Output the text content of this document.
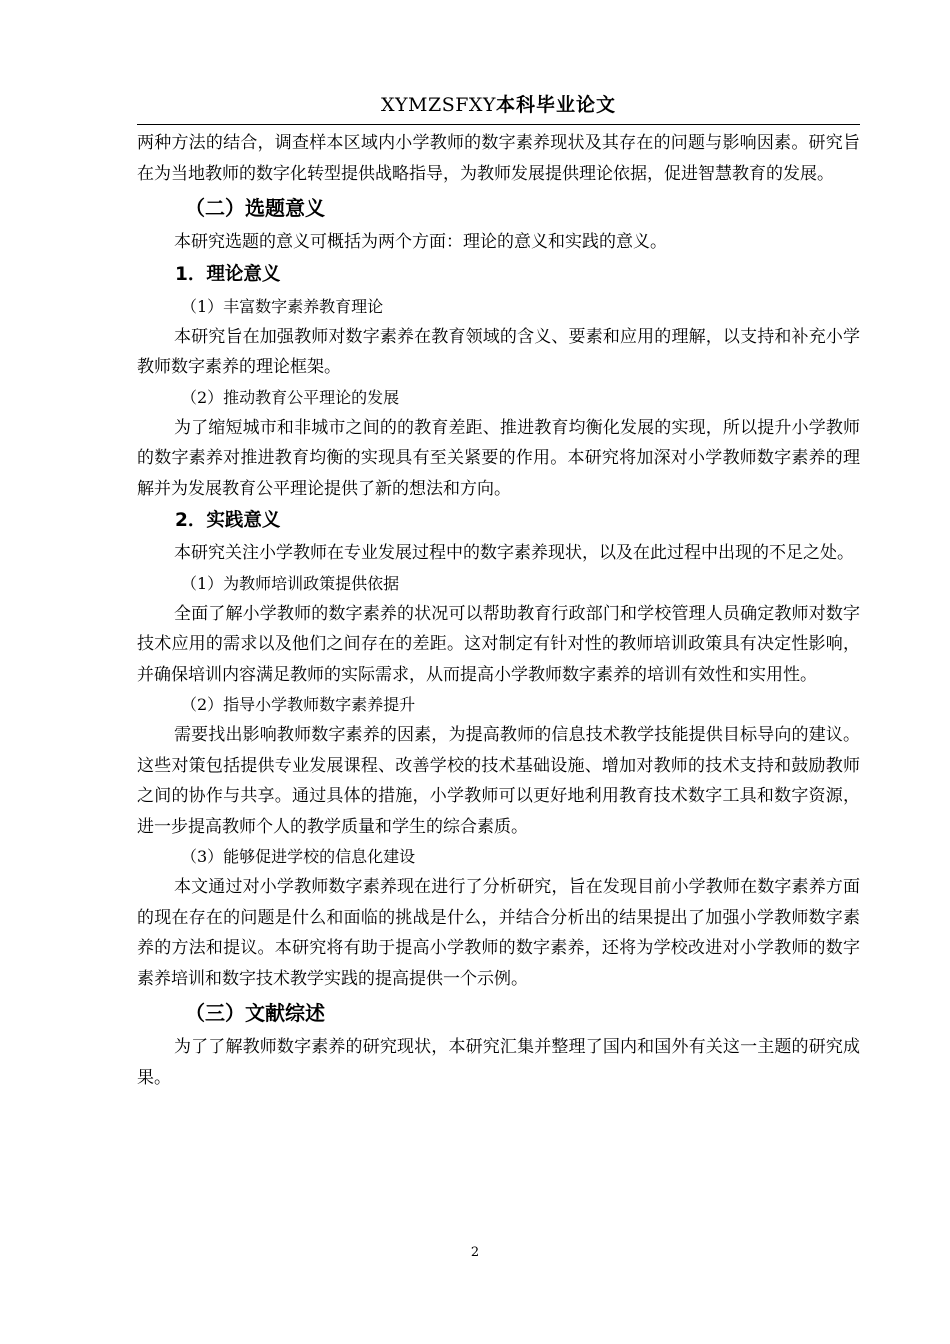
XYMZSFXY本科毕业论文

两种方法的结合，调查样本区域内小学教师的数字素养现状及其存在的问题与影响因素。研究旨在为当地教师的数字化转型提供战略指导，为教师发展提供理论依据，促进智慧教育的发展。

（二）选题意义

本研究选题的意义可概括为两个方面：理论的意义和实践的意义。

1．理论意义

（1）丰富数字素养教育理论

本研究旨在加强教师对数字素养在教育领域的含义、要素和应用的理解，以支持和补充小学教师数字素养的理论框架。

（2）推动教育公平理论的发展

为了缩短城市和非城市之间的的教育差距、推进教育均衡化发展的实现，所以提升小学教师的数字素养对推进教育均衡的实现具有至关紧要的作用。本研究将加深对小学教师数字素养的理解并为发展教育公平理论提供了新的想法和方向。

2．实践意义

本研究关注小学教师在专业发展过程中的数字素养现状，以及在此过程中出现的不足之处。

（1）为教师培训政策提供依据

全面了解小学教师的数字素养的状况可以帮助教育行政部门和学校管理人员确定教师对数字技术应用的需求以及他们之间存在的差距。这对制定有针对性的教师培训政策具有决定性影响，并确保培训内容满足教师的实际需求，从而提高小学教师数字素养的培训有效性和实用性。

（2）指导小学教师数字素养提升

需要找出影响教师数字素养的因素，为提高教师的信息技术教学技能提供目标导向的建议。这些对策包括提供专业发展课程、改善学校的技术基础设施、增加对教师的技术支持和鼓励教师之间的协作与共享。通过具体的措施，小学教师可以更好地利用教育技术数字工具和数字资源，进一步提高教师个人的教学质量和学生的综合素质。

（3）能够促进学校的信息化建设

本文通过对小学教师数字素养现在进行了分析研究，旨在发现目前小学教师在数字素养方面的现在存在的问题是什么和面临的挑战是什么，并结合分析出的结果提出了加强小学教师数字素养的方法和提议。本研究将有助于提高小学教师的数字素养，还将为学校改进对小学教师的数字素养培训和数字技术教学实践的提高提供一个示例。

（三）文献综述

为了了解教师数字素养的研究现状，本研究汇集并整理了国内和国外有关这一主题的研究成果。

2
